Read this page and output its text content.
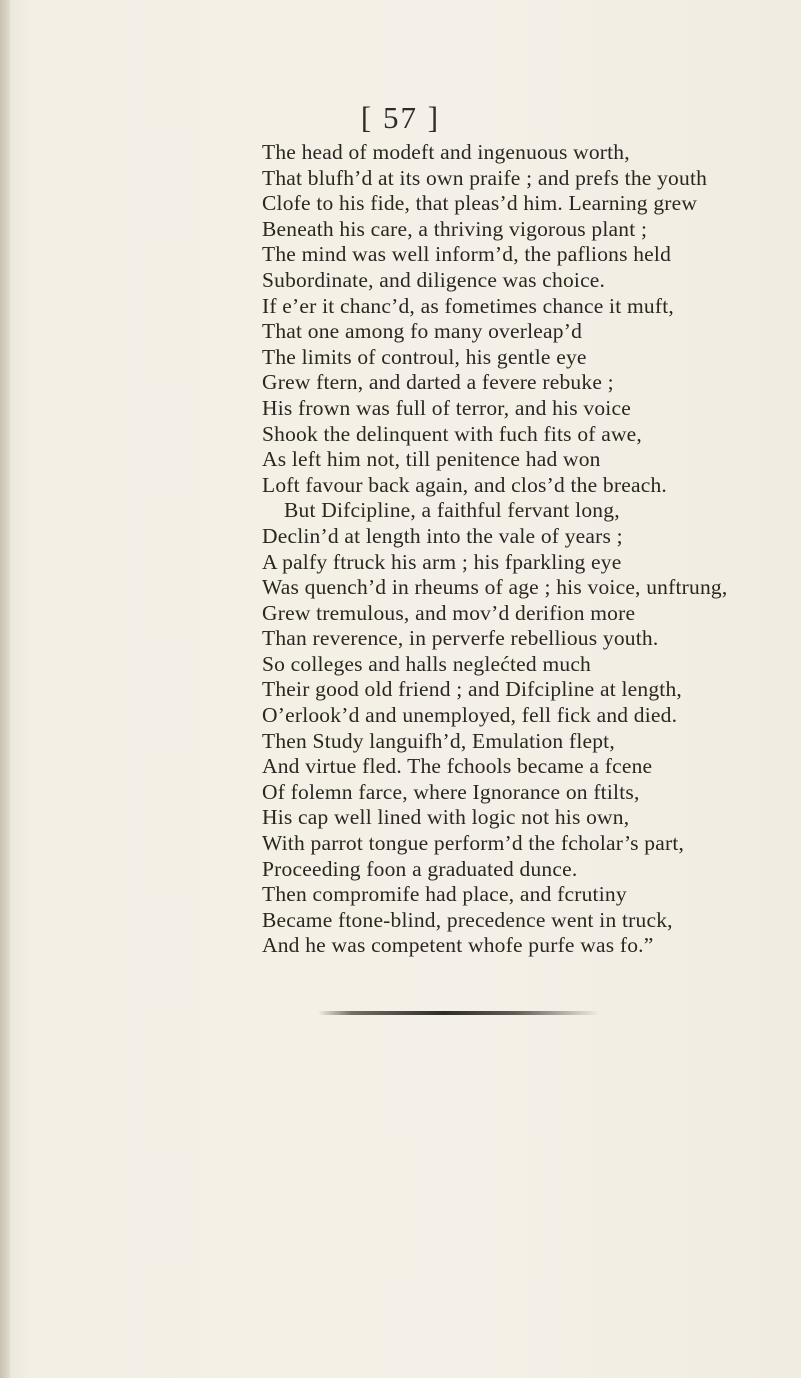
[ 57 ]
The head of modeft and ingenuous worth,
That blufh’d at its own praife ; and prefs the youth
Clofe to his fide, that pleas’d him. Learning grew
Beneath his care, a thriving vigorous plant ;
The mind was well inform’d, the paflions held
Subordinate, and diligence was choice.
If e’er it chanc’d, as fometimes chance it muft,
That one among fo many overleap’d
The limits of controul, his gentle eye
Grew ftern, and darted a fevere rebuke ;
His frown was full of terror, and his voice
Shook the delinquent with fuch fits of awe,
As left him not, till penitence had won
Loft favour back again, and clos’d the breach.
But Difcipline, a faithful fervant long,
Declin’d at length into the vale of years ;
A palfy ftruck his arm ; his fparkling eye
Was quench’d in rheums of age ; his voice, unftrung,
Grew tremulous, and mov’d derifion more
Than reverence, in perverfe rebellious youth.
So colleges and halls neglećted much
Their good old friend ; and Difcipline at length,
O’erlook’d and unemployed, fell fick and died.
Then Study languifh’d, Emulation flept,
And virtue fled. The fchools became a fcene
Of folemn farce, where Ignorance on ftilts,
His cap well lined with logic not his own,
With parrot tongue perform’d the fcholar’s part,
Proceeding foon a graduated dunce.
Then compromife had place, and fcrutiny
Became ftone-blind, precedence went in truck,
And he was competent whofe purfe was fo.”
